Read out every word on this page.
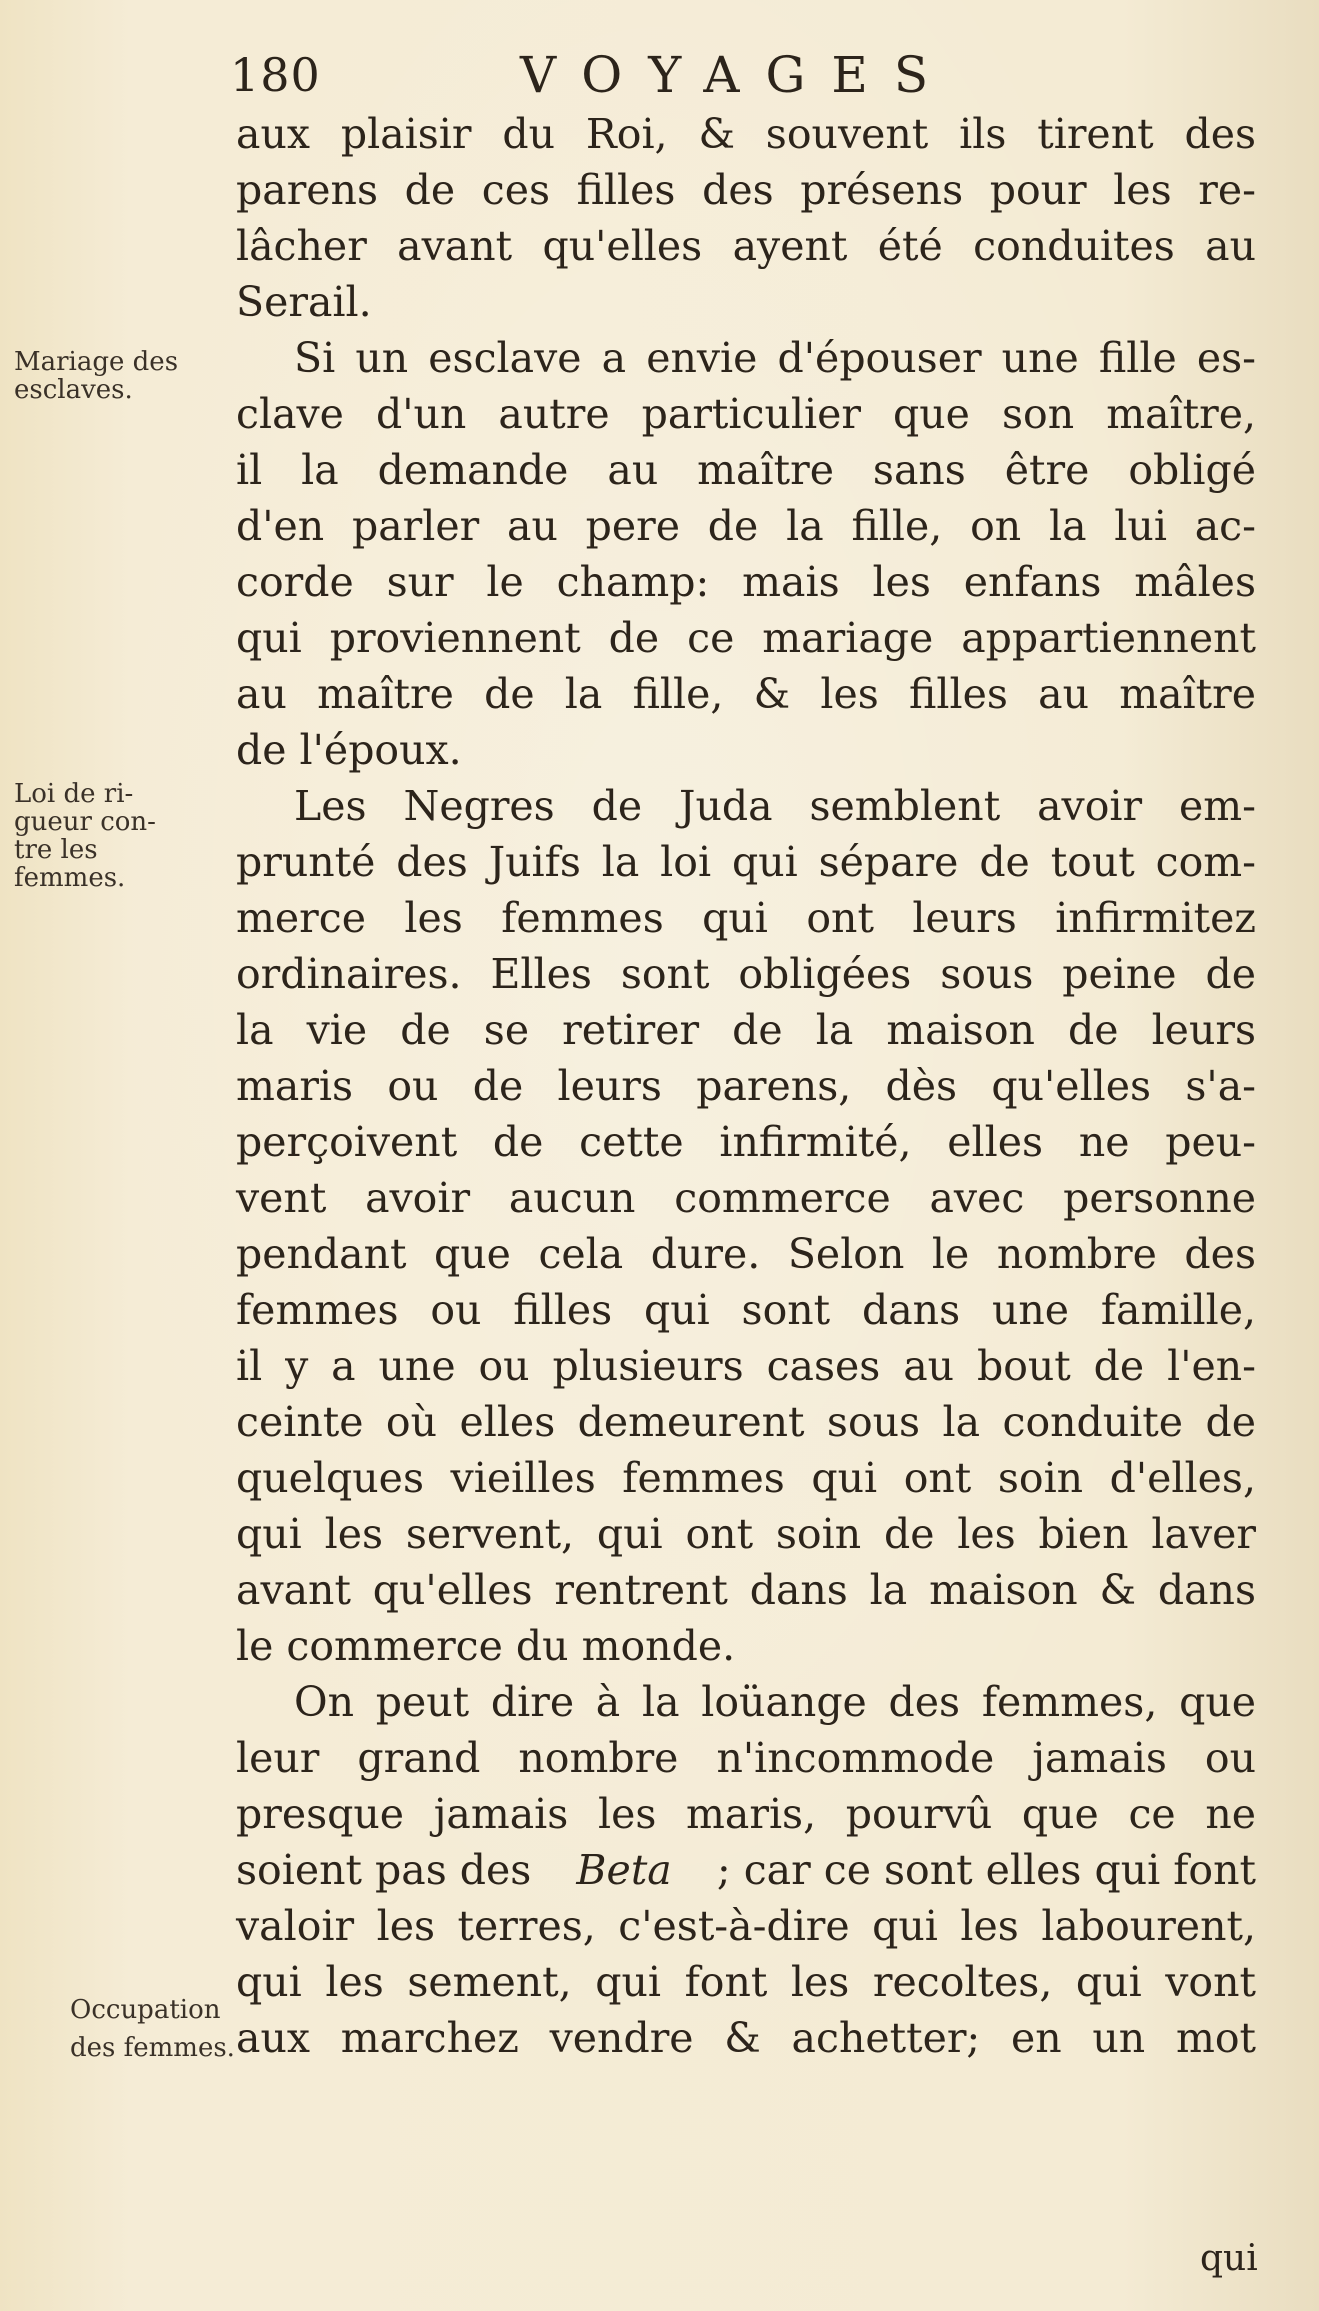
180	VOYAGES
Mariage des
esclaves.
Loi de ri-
gueur con-
tre les
femmes.
Occupation
des femmes.
aux plaisir du Roi, & souvent ils tirent des
parens de ces filles des présens pour les re-
lâcher avant qu'elles ayent été conduites au
Serail.
Si un esclave a envie d'épouser une fille es-
clave d'un autre particulier que son maître,
il la demande au maître sans être obligé
d'en parler au pere de la fille, on la lui ac-
corde sur le champ: mais les enfans mâles
qui proviennent de ce mariage appartiennent
au maître de la fille, & les filles au maître
de l'époux.
Les Negres de Juda semblent avoir em-
prunté des Juifs la loi qui sépare de tout com-
merce les femmes qui ont leurs infirmitez
ordinaires. Elles sont obligées sous peine de
la vie de se retirer de la maison de leurs
maris ou de leurs parens, dès qu'elles s'a-
perçoivent de cette infirmité, elles ne peu-
vent avoir aucun commerce avec personne
pendant que cela dure. Selon le nombre des
femmes ou filles qui sont dans une famille,
il y a une ou plusieurs cases au bout de l'en-
ceinte où elles demeurent sous la conduite de
quelques vieilles femmes qui ont soin d'elles,
qui les servent, qui ont soin de les bien laver
avant qu'elles rentrent dans la maison & dans
le commerce du monde.
On peut dire à la loüange des femmes, que
leur grand nombre n'incommode jamais ou
presque jamais les maris, pourvû que ce ne
soient pas des Beta ; car ce sont elles qui font
valoir les terres, c'est-à-dire qui les labourent,
qui les sement, qui font les recoltes, qui vont
aux marchez vendre & achetter; en un mot
qui
